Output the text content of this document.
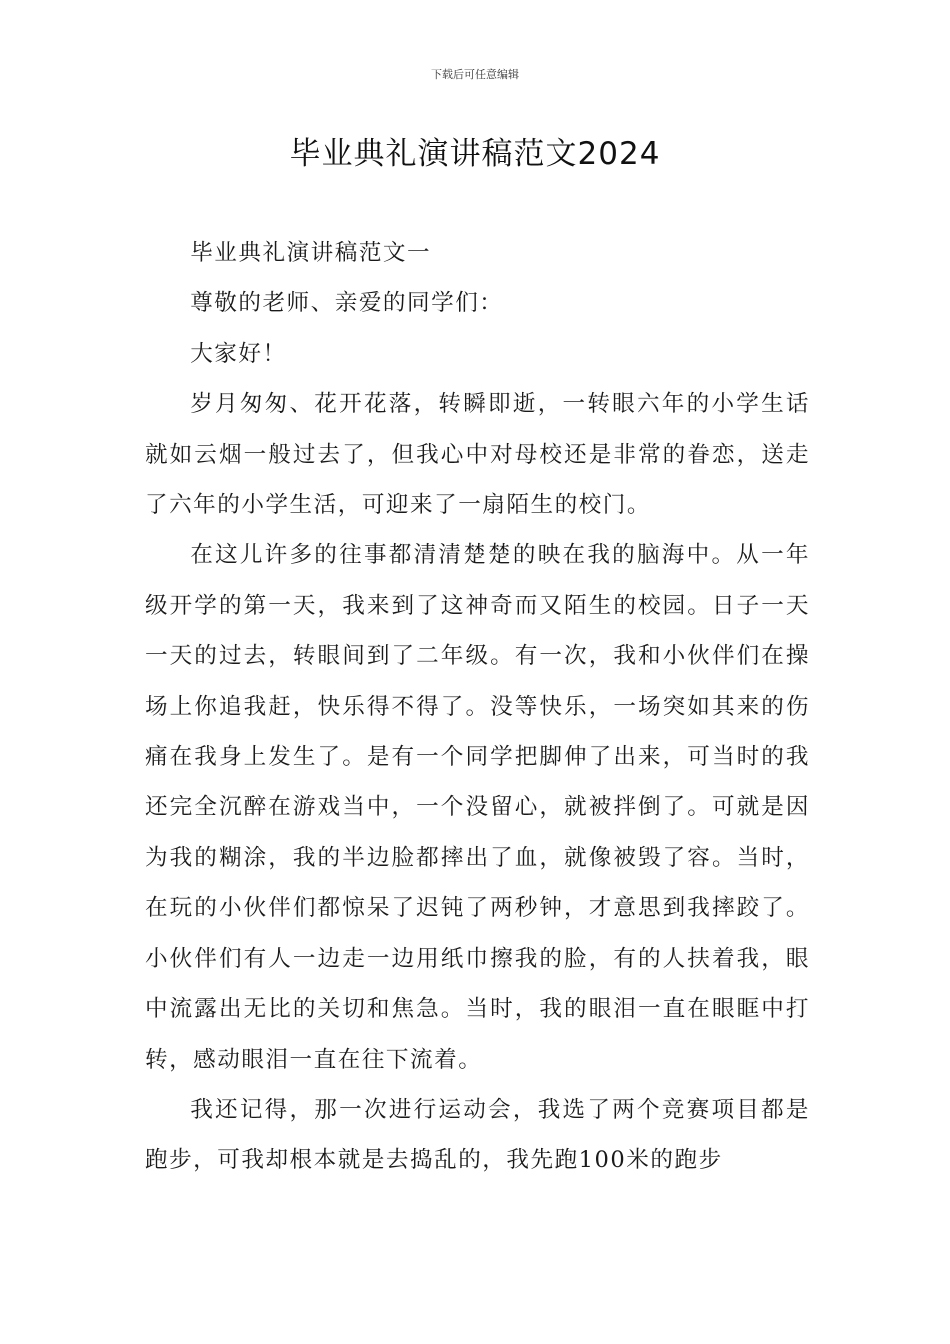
下载后可任意编辑
毕业典礼演讲稿范文2024

毕业典礼演讲稿范文一

尊敬的老师、亲爱的同学们：

大家好！

岁月匆匆、花开花落，转瞬即逝，一转眼六年的小学生话就如云烟一般过去了，但我心中对母校还是非常的眷恋，送走了六年的小学生活，可迎来了一扇陌生的校门。

在这儿许多的往事都清清楚楚的映在我的脑海中。从一年级开学的第一天，我来到了这神奇而又陌生的校园。日子一天一天的过去，转眼间到了二年级。有一次，我和小伙伴们在操场上你追我赶，快乐得不得了。没等快乐，一场突如其来的伤痛在我身上发生了。是有一个同学把脚伸了出来，可当时的我还完全沉醉在游戏当中，一个没留心，就被拌倒了。可就是因为我的糊涂，我的半边脸都摔出了血，就像被毁了容。当时，在玩的小伙伴们都惊呆了迟钝了两秒钟，才意思到我摔跤了。小伙伴们有人一边走一边用纸巾擦我的脸，有的人扶着我，眼中流露出无比的关切和焦急。当时，我的眼泪一直在眼眶中打转，感动眼泪一直在往下流着。

我还记得，那一次进行运动会，我选了两个竞赛项目都是跑步，可我却根本就是去捣乱的，我先跑100米的跑步
